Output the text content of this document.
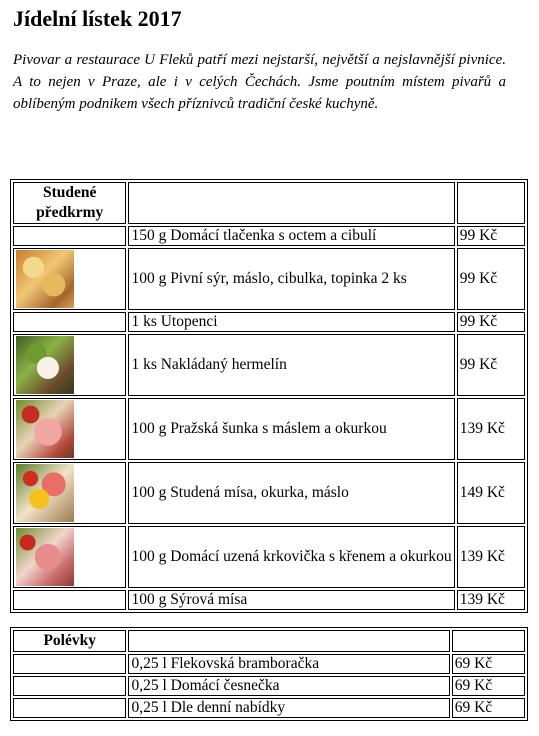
Jídelní lístek 2017

Pivovar a restaurace U Fleků patří mezi nejstarší, největší a nejslavnější pivnice. A to nejen v Praze, ale i v celých Čechách. Jsme poutním místem pivařů a oblíbeným podnikem všech příznivců tradiční české kuchyně.

Studené předkrmy		
	150 g Domácí tlačenka s octem a cibulí	99 Kč

	100 g Pivní sýr, máslo, cibulka, topinka 2 ks	99 Kč
	1 ks Utopenci	99 Kč

	1 ks Nakládaný hermelín	99 Kč

	100 g Pražská šunka s máslem a okurkou	139 Kč

	100 g Studená mísa, okurka, máslo	149 Kč

	100 g Domácí uzená krkovička s křenem a okurkou	139 Kč
	100 g Sýrová mísa	139 Kč
Polévky		
	0,25 l Flekovská bramboračka	69 Kč
	0,25 l Domácí česnečka	69 Kč
	0,25 l Dle denní nabídky	69 Kč
